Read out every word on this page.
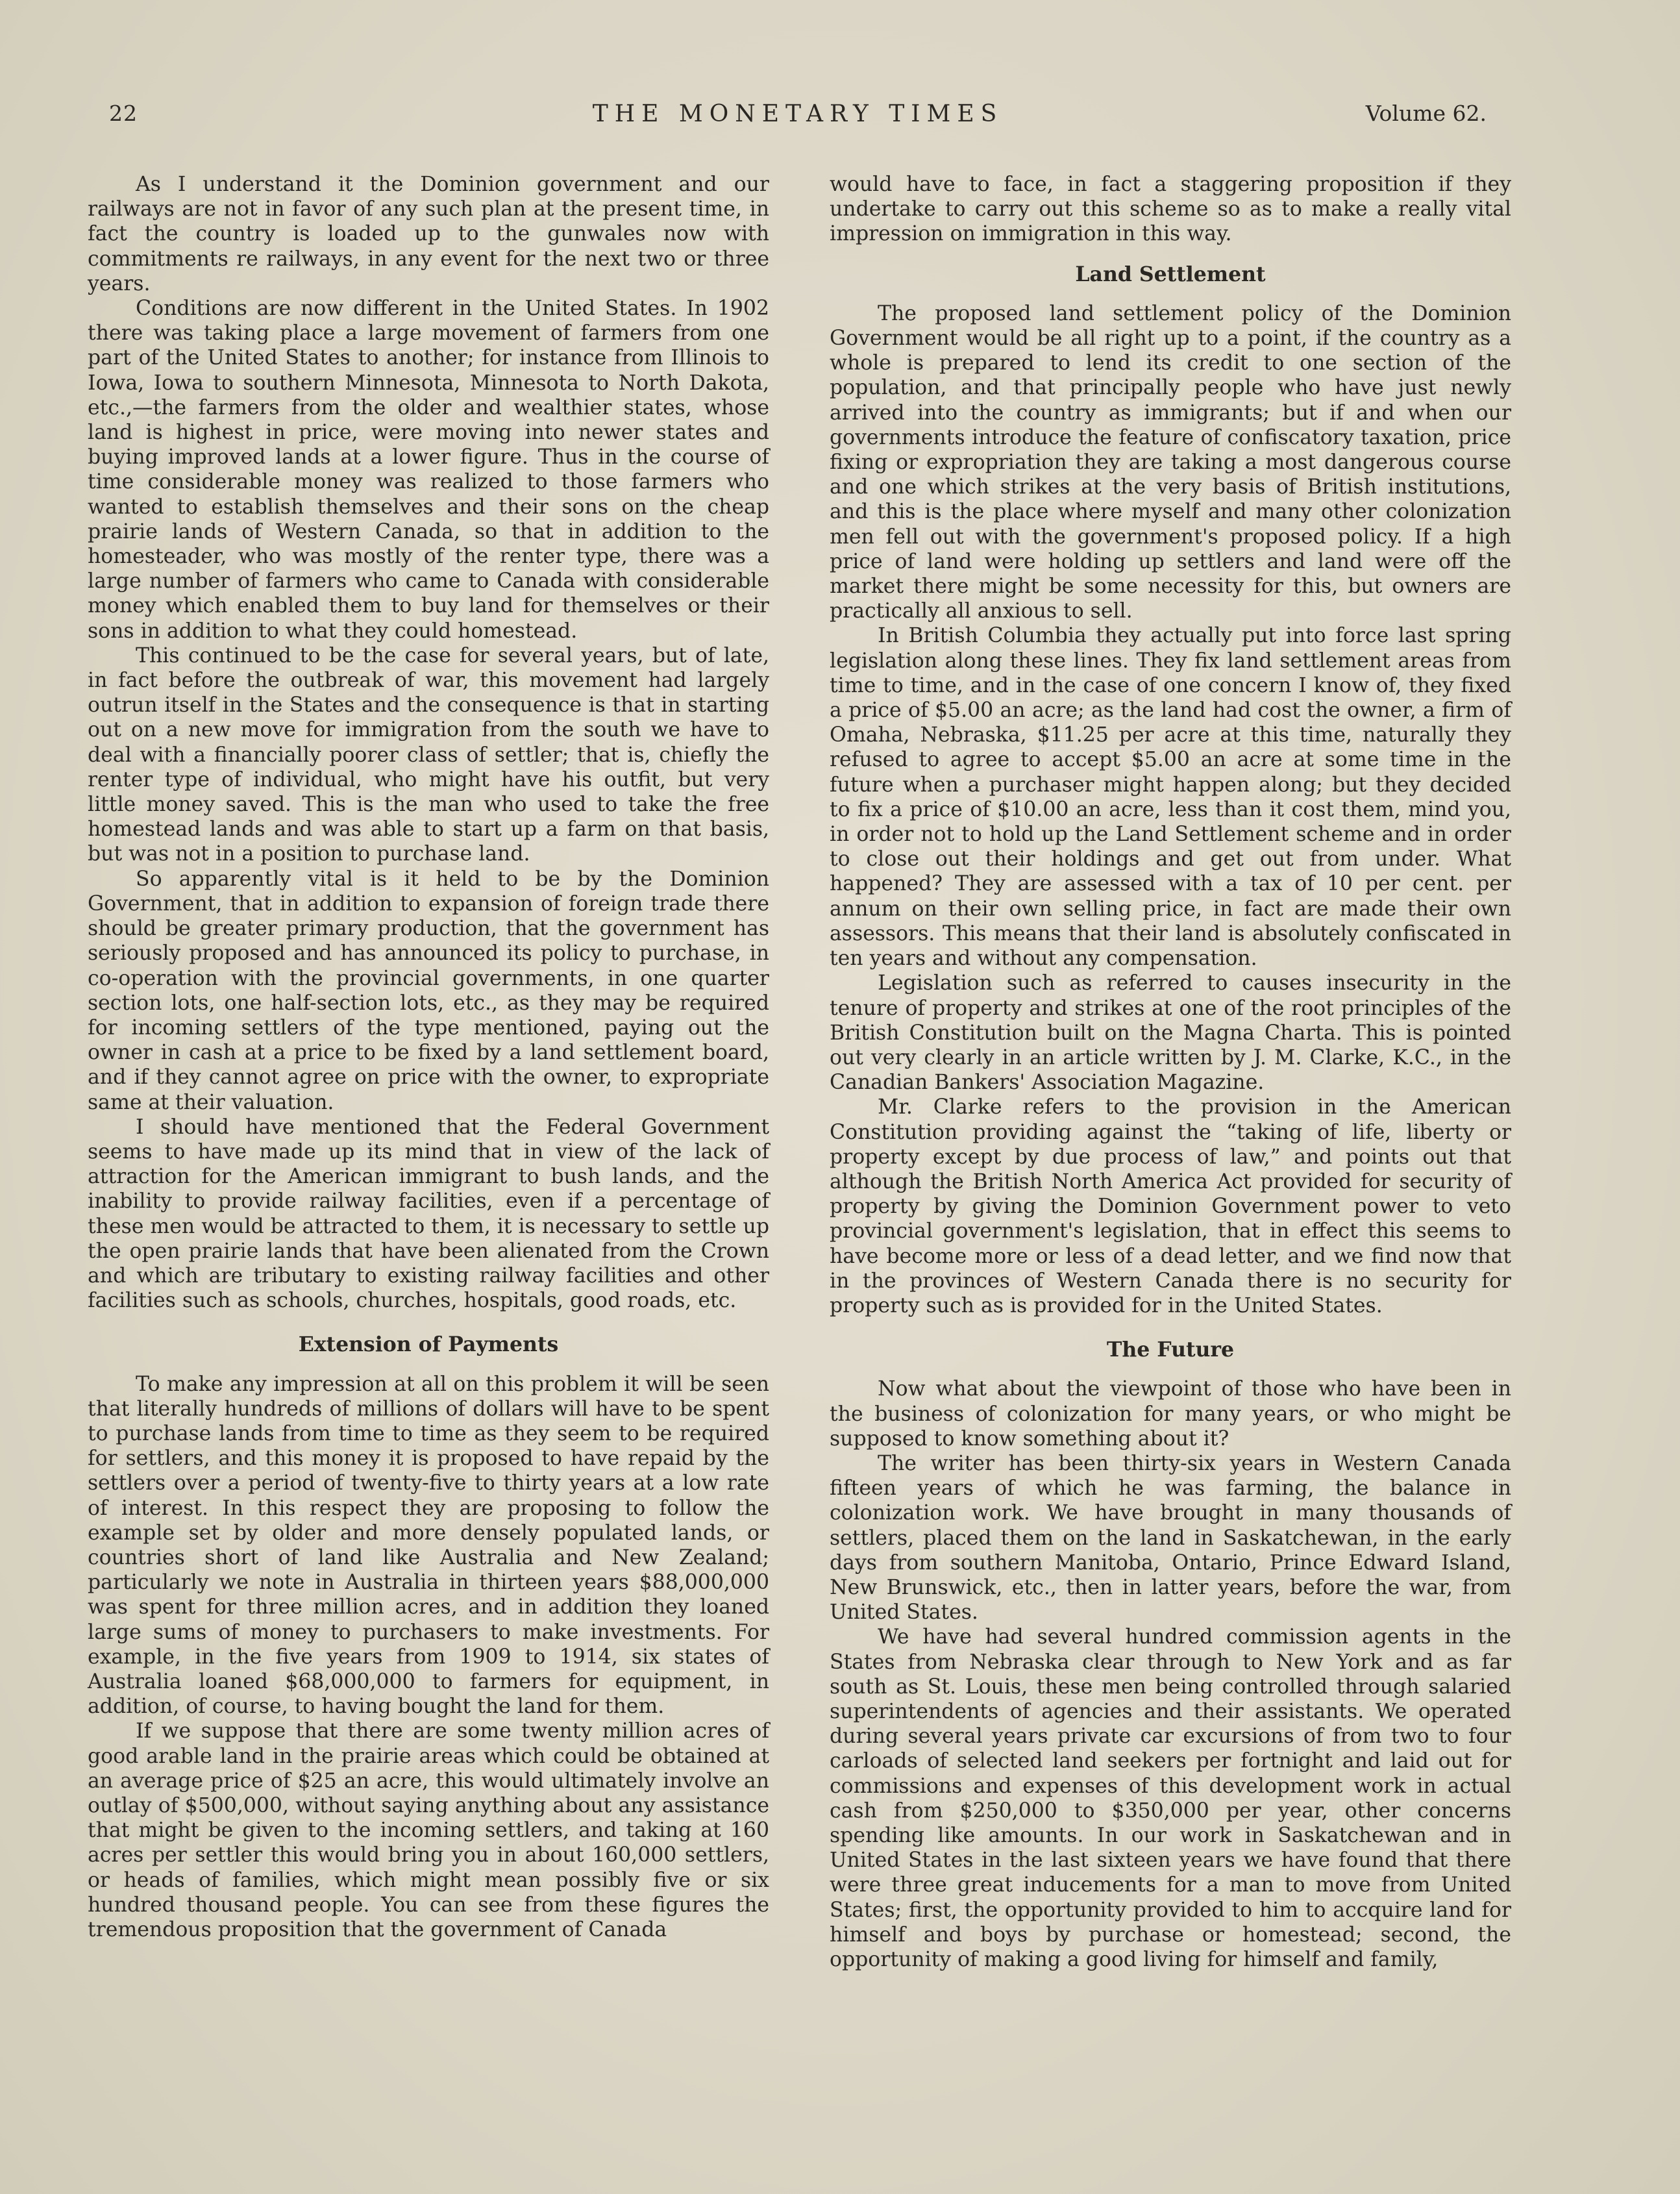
22	THE MONETARY TIMES	Volume 62.

As I understand it the Dominion government and our railways are not in favor of any such plan at the present time, in fact the country is loaded up to the gunwales now with commitments re railways, in any event for the next two or three years.

Conditions are now different in the United States. In 1902 there was taking place a large movement of farmers from one part of the United States to another; for instance from Illinois to Iowa, Iowa to southern Minnesota, Minnesota to North Dakota, etc.,—the farmers from the older and wealthier states, whose land is highest in price, were moving into newer states and buying improved lands at a lower figure. Thus in the course of time considerable money was realized to those farmers who wanted to establish themselves and their sons on the cheap prairie lands of Western Canada, so that in addition to the homesteader, who was mostly of the renter type, there was a large number of farmers who came to Canada with considerable money which enabled them to buy land for themselves or their sons in addition to what they could homestead.

This continued to be the case for several years, but of late, in fact before the outbreak of war, this movement had largely outrun itself in the States and the consequence is that in starting out on a new move for immigration from the south we have to deal with a financially poorer class of settler; that is, chiefly the renter type of individual, who might have his outfit, but very little money saved. This is the man who used to take the free homestead lands and was able to start up a farm on that basis, but was not in a position to purchase land.

So apparently vital is it held to be by the Dominion Government, that in addition to expansion of foreign trade there should be greater primary production, that the government has seriously proposed and has announced its policy to purchase, in co-operation with the provincial governments, in one quarter section lots, one half-section lots, etc., as they may be required for incoming settlers of the type mentioned, paying out the owner in cash at a price to be fixed by a land settlement board, and if they cannot agree on price with the owner, to expropriate same at their valuation.

I should have mentioned that the Federal Government seems to have made up its mind that in view of the lack of attraction for the American immigrant to bush lands, and the inability to provide railway facilities, even if a percentage of these men would be attracted to them, it is necessary to settle up the open prairie lands that have been alienated from the Crown and which are tributary to existing railway facilities and other facilities such as schools, churches, hospitals, good roads, etc.

Extension of Payments

To make any impression at all on this problem it will be seen that literally hundreds of millions of dollars will have to be spent to purchase lands from time to time as they seem to be required for settlers, and this money it is proposed to have repaid by the settlers over a period of twenty-five to thirty years at a low rate of interest. In this respect they are proposing to follow the example set by older and more densely populated lands, or countries short of land like Australia and New Zealand; particularly we note in Australia in thirteen years $88,000,000 was spent for three million acres, and in addition they loaned large sums of money to purchasers to make investments. For example, in the five years from 1909 to 1914, six states of Australia loaned $68,000,000 to farmers for equipment, in addition, of course, to having bought the land for them.

If we suppose that there are some twenty million acres of good arable land in the prairie areas which could be obtained at an average price of $25 an acre, this would ultimately involve an outlay of $500,000, without saying anything about any assistance that might be given to the incoming settlers, and taking at 160 acres per settler this would bring you in about 160,000 settlers, or heads of families, which might mean possibly five or six hundred thousand people. You can see from these figures the tremendous proposition that the government of Canada

would have to face, in fact a staggering proposition if they undertake to carry out this scheme so as to make a really vital impression on immigration in this way.

Land Settlement

The proposed land settlement policy of the Dominion Government would be all right up to a point, if the country as a whole is prepared to lend its credit to one section of the population, and that principally people who have just newly arrived into the country as immigrants; but if and when our governments introduce the feature of confiscatory taxation, price fixing or expropriation they are taking a most dangerous course and one which strikes at the very basis of British institutions, and this is the place where myself and many other colonization men fell out with the government's proposed policy. If a high price of land were holding up settlers and land were off the market there might be some necessity for this, but owners are practically all anxious to sell.

In British Columbia they actually put into force last spring legislation along these lines. They fix land settlement areas from time to time, and in the case of one concern I know of, they fixed a price of $5.00 an acre; as the land had cost the owner, a firm of Omaha, Nebraska, $11.25 per acre at this time, naturally they refused to agree to accept $5.00 an acre at some time in the future when a purchaser might happen along; but they decided to fix a price of $10.00 an acre, less than it cost them, mind you, in order not to hold up the Land Settlement scheme and in order to close out their holdings and get out from under. What happened? They are assessed with a tax of 10 per cent. per annum on their own selling price, in fact are made their own assessors. This means that their land is absolutely confiscated in ten years and without any compensation.

Legislation such as referred to causes insecurity in the tenure of property and strikes at one of the root principles of the British Constitution built on the Magna Charta. This is pointed out very clearly in an article written by J. M. Clarke, K.C., in the Canadian Bankers' Association Magazine.

Mr. Clarke refers to the provision in the American Constitution providing against the “taking of life, liberty or property except by due process of law,” and points out that although the British North America Act provided for security of property by giving the Dominion Government power to veto provincial government's legislation, that in effect this seems to have become more or less of a dead letter, and we find now that in the provinces of Western Canada there is no security for property such as is provided for in the United States.

The Future

Now what about the viewpoint of those who have been in the business of colonization for many years, or who might be supposed to know something about it?

The writer has been thirty-six years in Western Canada fifteen years of which he was farming, the balance in colonization work. We have brought in many thousands of settlers, placed them on the land in Saskatchewan, in the early days from southern Manitoba, Ontario, Prince Edward Island, New Brunswick, etc., then in latter years, before the war, from United States.

We have had several hundred commission agents in the States from Nebraska clear through to New York and as far south as St. Louis, these men being controlled through salaried superintendents of agencies and their assistants. We operated during several years private car excursions of from two to four carloads of selected land seekers per fortnight and laid out for commissions and expenses of this development work in actual cash from $250,000 to $350,000 per year, other concerns spending like amounts. In our work in Saskatchewan and in United States in the last sixteen years we have found that there were three great inducements for a man to move from United States; first, the opportunity provided to him to accquire land for himself and boys by purchase or homestead; second, the opportunity of making a good living for himself and family,
